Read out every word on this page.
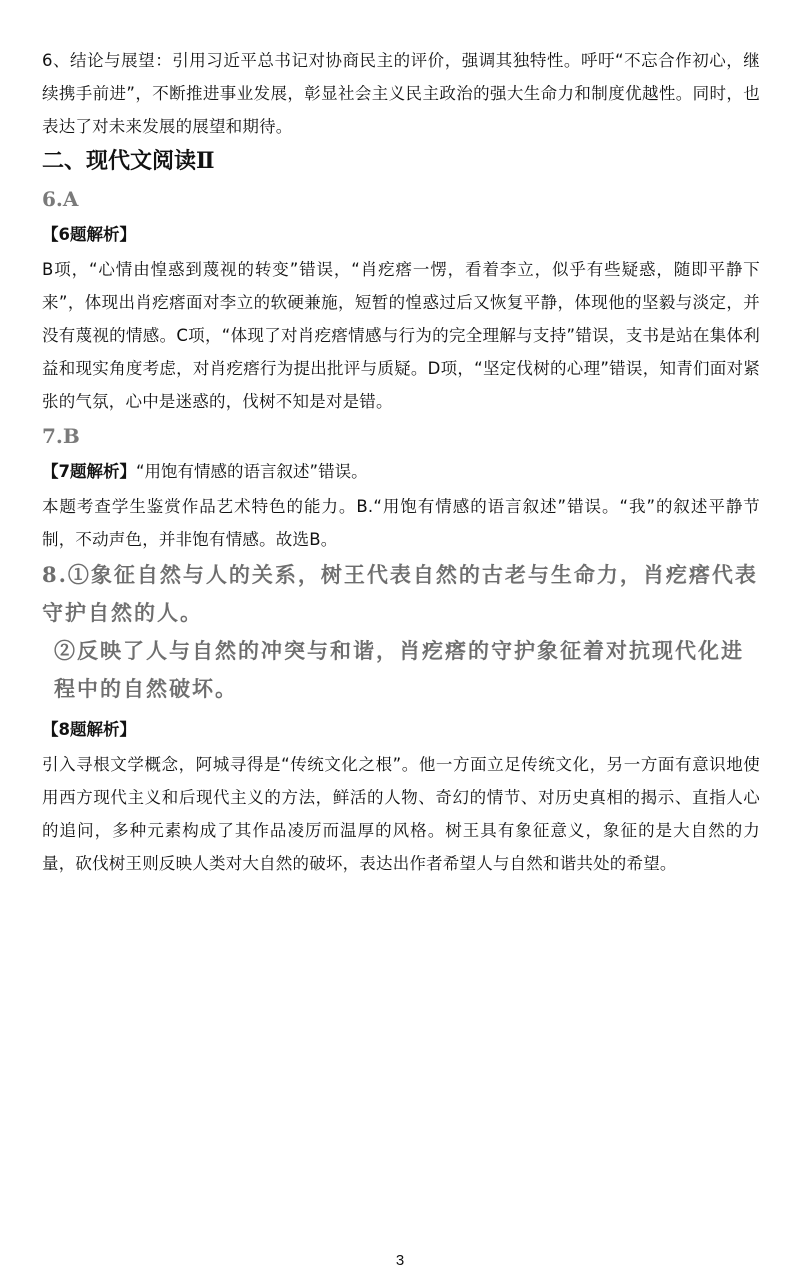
6、结论与展望：引用习近平总书记对协商民主的评价，强调其独特性。呼吁“不忘合作初心，继续携手前进”，不断推进事业发展，彰显社会主义民主政治的强大生命力和制度优越性。同时，也表达了对未来发展的展望和期待。

二、现代文阅读Ⅱ

6.A

【6题解析】

B项，“心情由惶惑到蔑视的转变”错误，“肖疙瘩一愣，看着李立，似乎有些疑惑，随即平静下来”，体现出肖疙瘩面对李立的软硬兼施，短暂的惶惑过后又恢复平静，体现他的坚毅与淡定，并没有蔑视的情感。C项，“体现了对肖疙瘩情感与行为的完全理解与支持”错误，支书是站在集体利益和现实角度考虑，对肖疙瘩行为提出批评与质疑。D项，“坚定伐树的心理”错误，知青们面对紧张的气氛，心中是迷惑的，伐树不知是对是错。

7.B

【7题解析】“用饱有情感的语言叙述”错误。

本题考查学生鉴赏作品艺术特色的能力。B.“用饱有情感的语言叙述”错误。“我”的叙述平静节制，不动声色，并非饱有情感。故选B。

8.①象征自然与人的关系，树王代表自然的古老与生命力，肖疙瘩代表守护自然的人。

②反映了人与自然的冲突与和谐，肖疙瘩的守护象征着对抗现代化进程中的自然破坏。

【8题解析】

引入寻根文学概念，阿城寻得是“传统文化之根”。他一方面立足传统文化，另一方面有意识地使用西方现代主义和后现代主义的方法，鲜活的人物、奇幻的情节、对历史真相的揭示、直指人心的追问，多种元素构成了其作品凌厉而温厚的风格。树王具有象征意义，象征的是大自然的力量，砍伐树王则反映人类对大自然的破坏，表达出作者希望人与自然和谐共处的希望。

3
